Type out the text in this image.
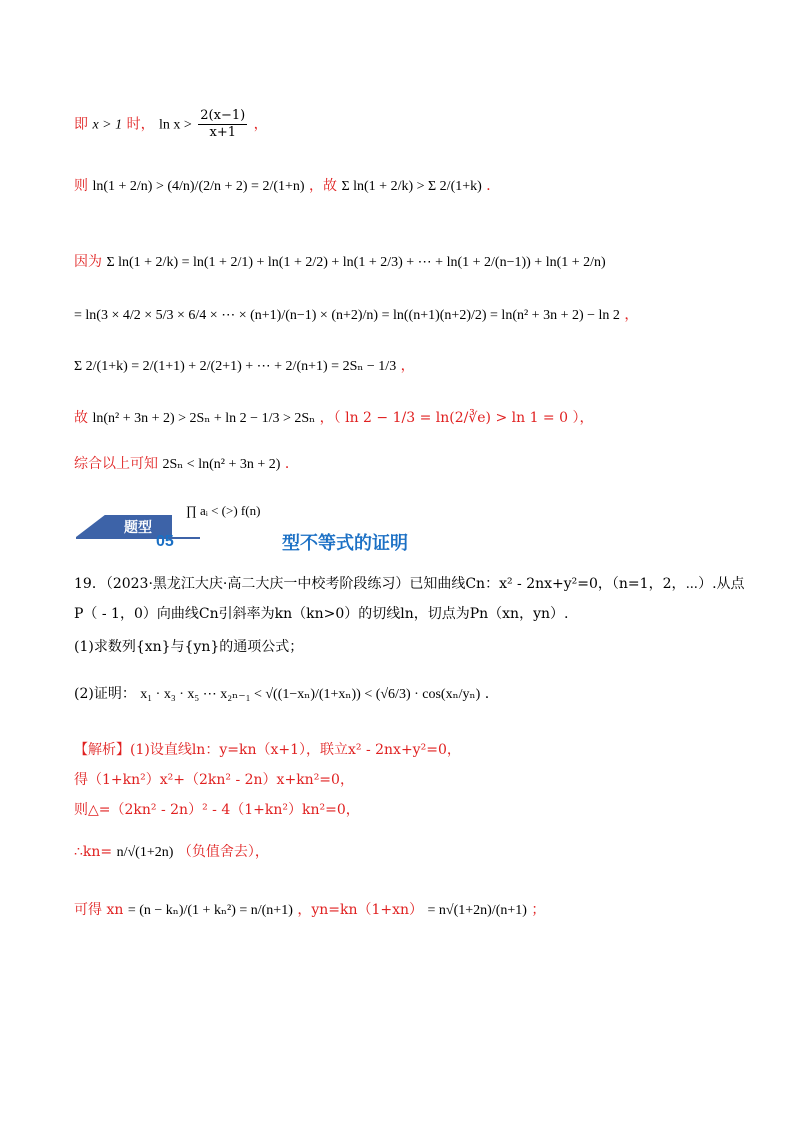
即 x > 1 时， $\ln x > \frac{2(x-1)}{x+1}$ ，
则 ln(1 + 2/n) > (4/n)/(2/n + 2) = 2/(1+n) ，故 Σ ln(1 + 2/k) > Σ 2/(1+k) ．
因为 Σ ln(1 + 2/k) = ln(1 + 2/1) + ln(1 + 2/2) + ln(1 + 2/3) + ⋯ + ln(1 + 2/(n−1)) + ln(1 + 2/n)
= ln(3 × 4/2 × 5/3 × 6/4 × ⋯ × (n+1)/(n−1) × (n+2)/n) = ln((n+1)(n+2)/2) = ln(n² + 3n + 2) − ln 2 ，
Σ 2/(1+k) = 2/(1+1) + 2/(2+1) + ⋯ + 2/(n+1) = 2Sₙ − 1/3 ，
故 ln(n² + 3n + 2) > 2Sₙ + ln 2 − 1/3 > 2Sₙ ，（ ln 2 − 1/3 = ln(2/∛e) > ln 1 = 0 ），
综合以上可知 2Sₙ < ln(n² + 3n + 2) ．
题型
05
∏ aᵢ < (>) f(n)
型不等式的证明
19．（2023·黑龙江大庆·高二大庆一中校考阶段练习）已知曲线Cn：x² - 2nx+y²=0，（n=1，2，⋯）.从点
P（ - 1，0）向曲线Cn引斜率为kn（kn>0）的切线ln，切点为Pn（xn，yn）.
(1)求数列{xn}与{yn}的通项公式；
(2)证明： x₁ · x₃ · x₅ ⋯ x₂ₙ₋₁ < √((1−xₙ)/(1+xₙ)) < (√6/3) · cos(xₙ/yₙ) .
【解析】(1)设直线ln：y=kn（x+1），联立x² - 2nx+y²=0，
得（1+kn²）x²+（2kn² - 2n）x+kn²=0，
则△=（2kn² - 2n）² - 4（1+kn²）kn²=0，
∴kn= n/√(1+2n) （负值舍去），
可得 xn = (n − kₙ)/(1 + kₙ²) = n/(n+1) ，yn=kn（1+xn） = n√(1+2n)/(n+1) ；
